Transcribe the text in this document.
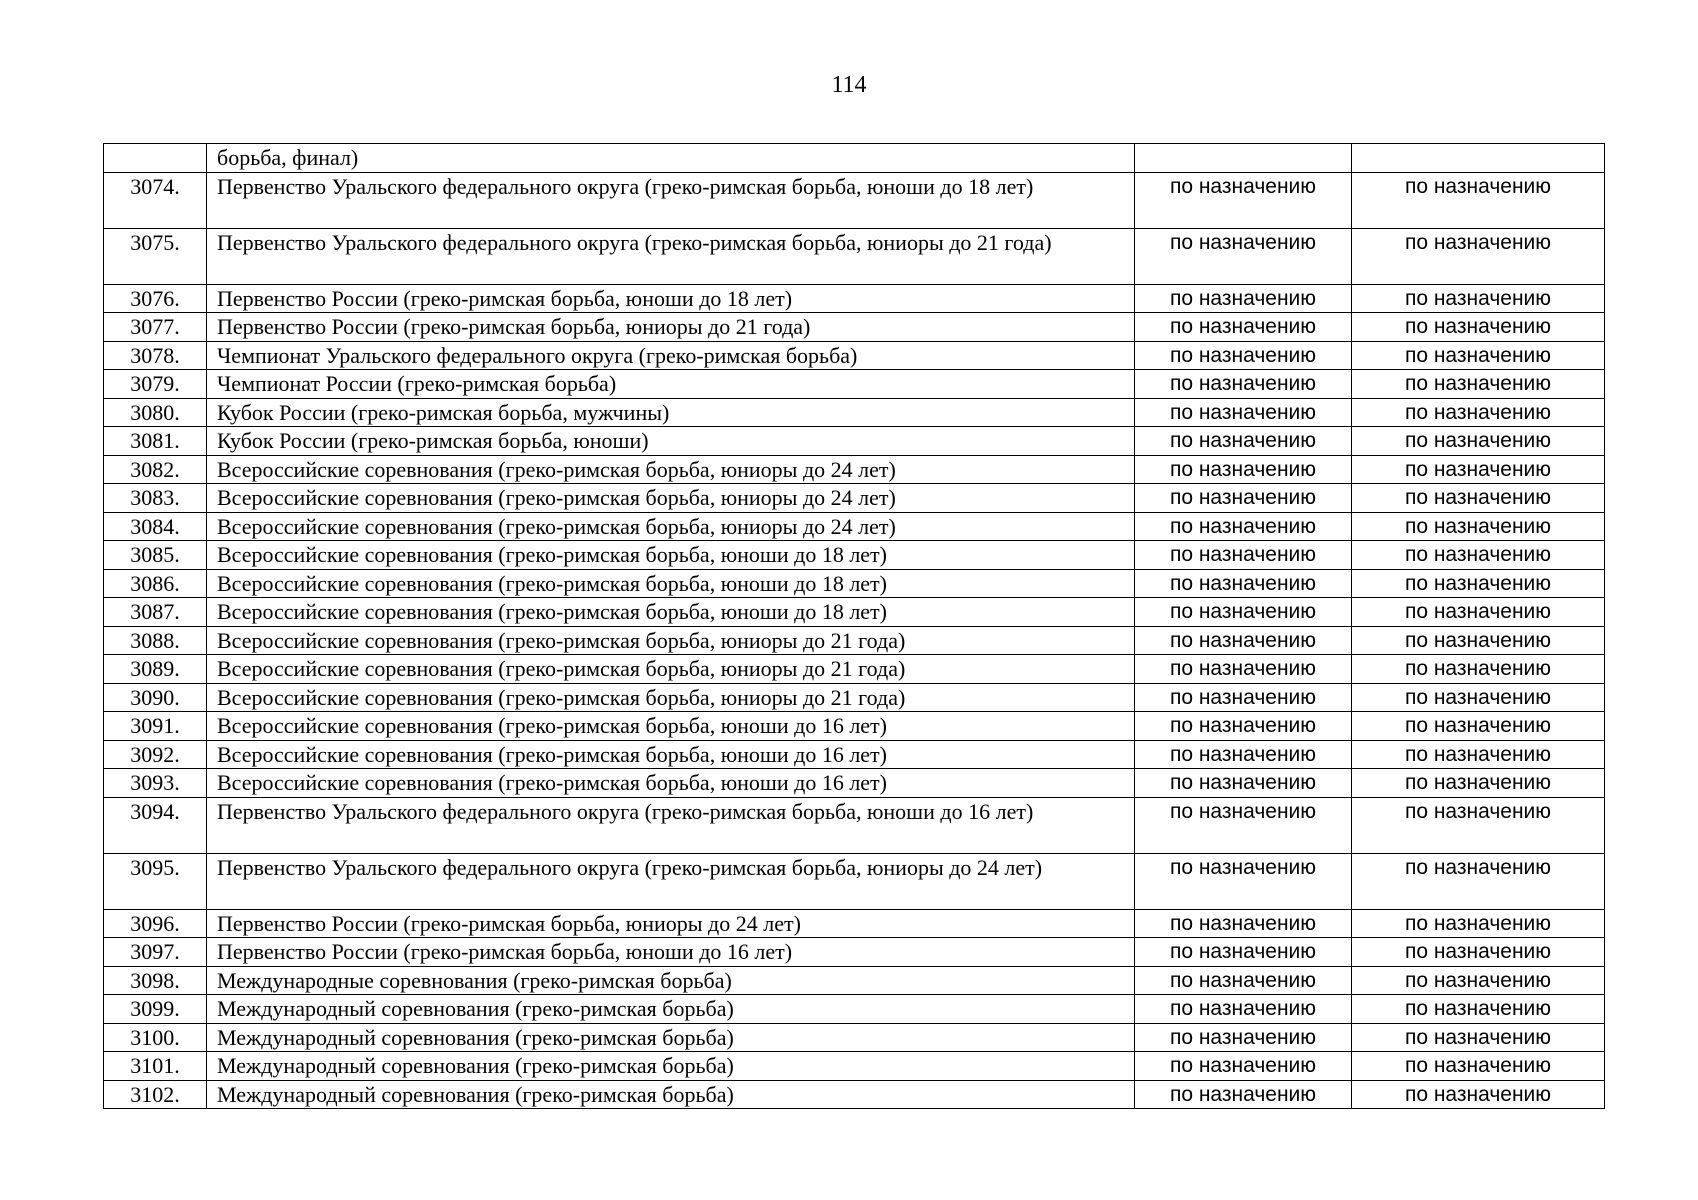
114
	борьба, финал)		
3074.	Первенство Уральского федерального округа (греко-римская борьба, юноши до 18 лет)	по назначению	по назначению
3075.	Первенство Уральского федерального округа (греко-римская борьба, юниоры до 21 года)	по назначению	по назначению
3076.	Первенство России (греко-римская борьба, юноши до 18 лет)	по назначению	по назначению
3077.	Первенство России (греко-римская борьба, юниоры до 21 года)	по назначению	по назначению
3078.	Чемпионат Уральского федерального округа (греко-римская борьба)	по назначению	по назначению
3079.	Чемпионат России (греко-римская борьба)	по назначению	по назначению
3080.	Кубок России (греко-римская борьба, мужчины)	по назначению	по назначению
3081.	Кубок России (греко-римская борьба, юноши)	по назначению	по назначению
3082.	Всероссийские соревнования (греко-римская борьба, юниоры до 24 лет)	по назначению	по назначению
3083.	Всероссийские соревнования (греко-римская борьба, юниоры до 24 лет)	по назначению	по назначению
3084.	Всероссийские соревнования (греко-римская борьба, юниоры до 24 лет)	по назначению	по назначению
3085.	Всероссийские соревнования (греко-римская борьба, юноши до 18 лет)	по назначению	по назначению
3086.	Всероссийские соревнования (греко-римская борьба, юноши до 18 лет)	по назначению	по назначению
3087.	Всероссийские соревнования (греко-римская борьба, юноши до 18 лет)	по назначению	по назначению
3088.	Всероссийские соревнования (греко-римская борьба, юниоры до 21 года)	по назначению	по назначению
3089.	Всероссийские соревнования (греко-римская борьба, юниоры до 21 года)	по назначению	по назначению
3090.	Всероссийские соревнования (греко-римская борьба, юниоры до 21 года)	по назначению	по назначению
3091.	Всероссийские соревнования (греко-римская борьба, юноши до 16 лет)	по назначению	по назначению
3092.	Всероссийские соревнования (греко-римская борьба, юноши до 16 лет)	по назначению	по назначению
3093.	Всероссийские соревнования (греко-римская борьба, юноши до 16 лет)	по назначению	по назначению
3094.	Первенство Уральского федерального округа (греко-римская борьба, юноши до 16 лет)	по назначению	по назначению
3095.	Первенство Уральского федерального округа (греко-римская борьба, юниоры до 24 лет)	по назначению	по назначению
3096.	Первенство России (греко-римская борьба, юниоры до 24 лет)	по назначению	по назначению
3097.	Первенство России (греко-римская борьба, юноши до 16 лет)	по назначению	по назначению
3098.	Международные соревнования (греко-римская борьба)	по назначению	по назначению
3099.	Международный соревнования (греко-римская борьба)	по назначению	по назначению
3100.	Международный соревнования (греко-римская борьба)	по назначению	по назначению
3101.	Международный соревнования (греко-римская борьба)	по назначению	по назначению
3102.	Международный соревнования (греко-римская борьба)	по назначению	по назначению
